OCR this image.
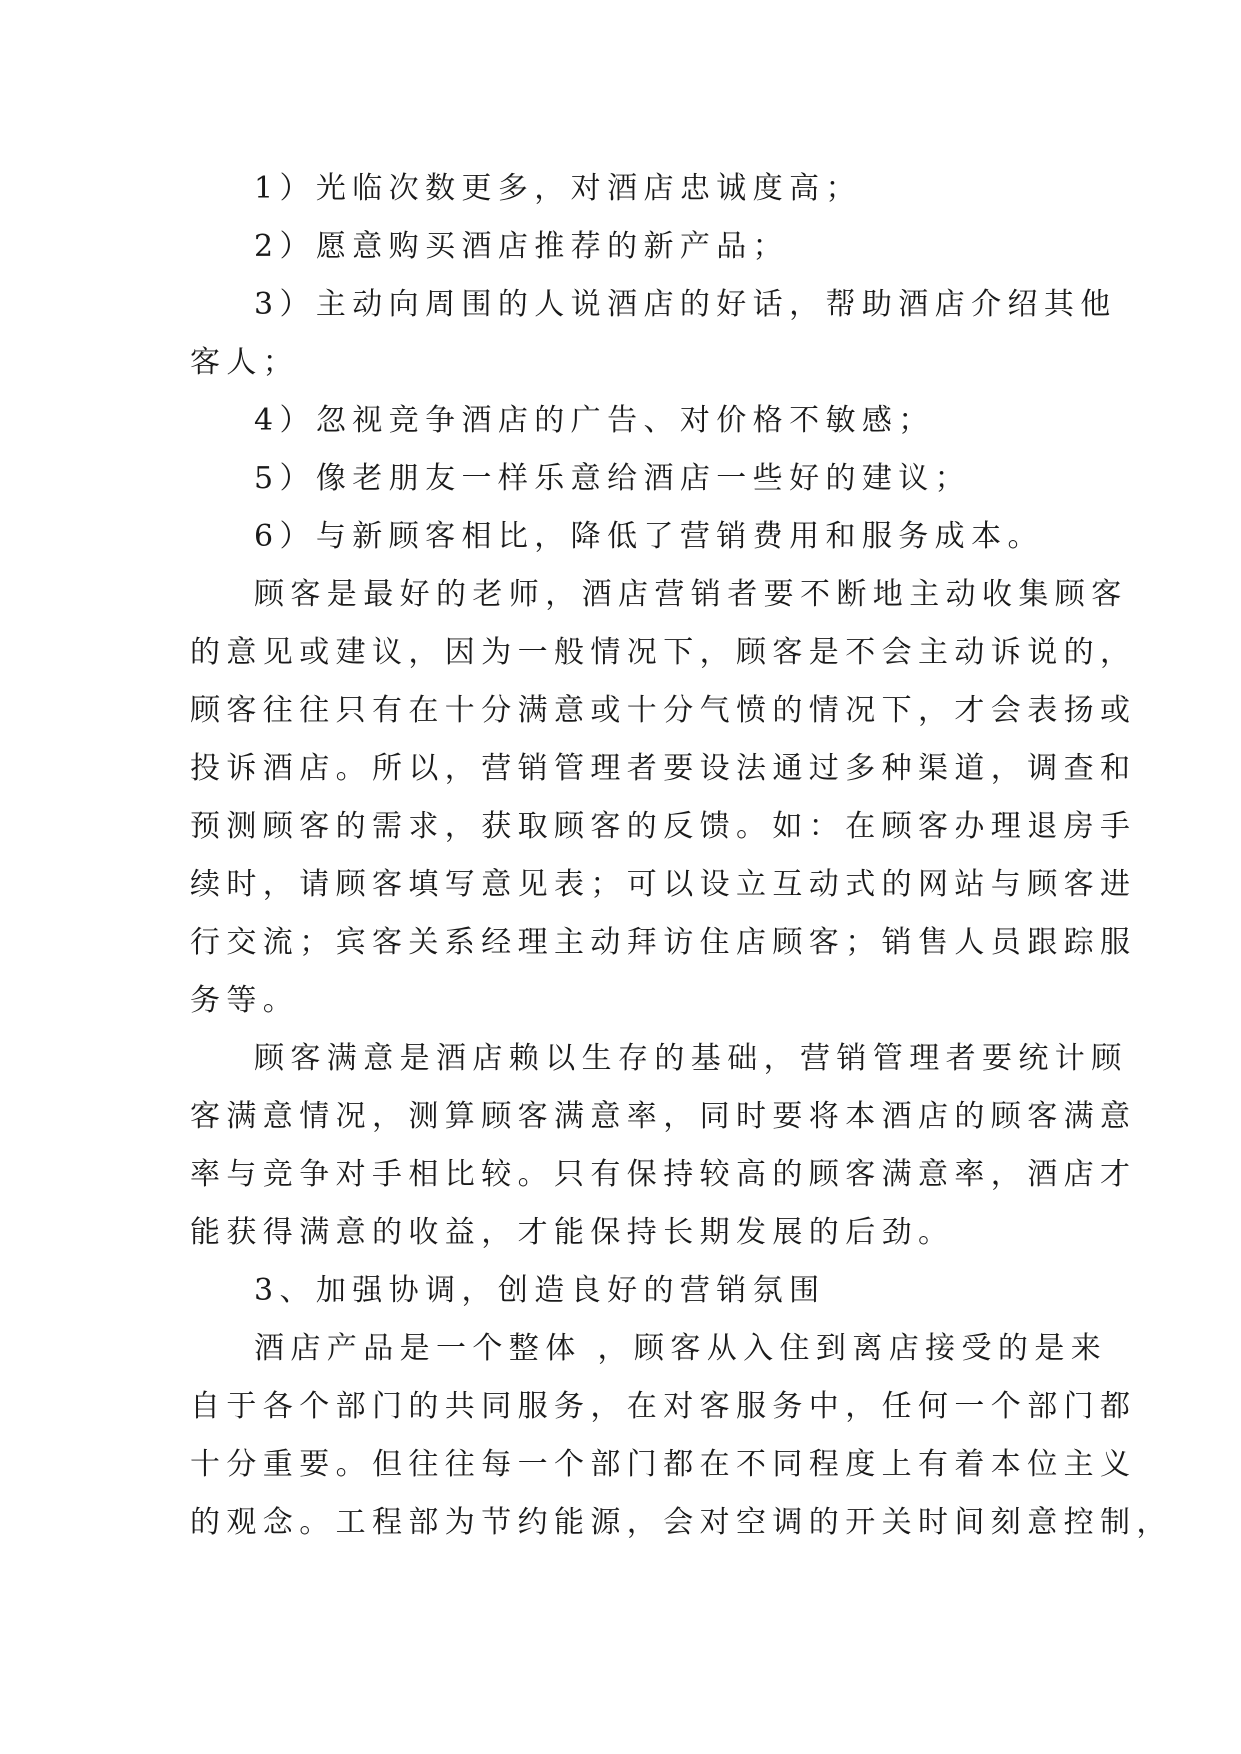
1）光临次数更多，对酒店忠诚度高；
2）愿意购买酒店推荐的新产品；
3）主动向周围的人说酒店的好话，帮助酒店介绍其他
客人；
4）忽视竞争酒店的广告、对价格不敏感；
5）像老朋友一样乐意给酒店一些好的建议；
6）与新顾客相比，降低了营销费用和服务成本。
顾客是最好的老师，酒店营销者要不断地主动收集顾客
的意见或建议，因为一般情况下，顾客是不会主动诉说的，
顾客往往只有在十分满意或十分气愤的情况下，才会表扬或
投诉酒店。所以，营销管理者要设法通过多种渠道，调查和
预测顾客的需求，获取顾客的反馈。如：在顾客办理退房手
续时，请顾客填写意见表；可以设立互动式的网站与顾客进
行交流；宾客关系经理主动拜访住店顾客；销售人员跟踪服
务等。
顾客满意是酒店赖以生存的基础，营销管理者要统计顾
客满意情况，测算顾客满意率，同时要将本酒店的顾客满意
率与竞争对手相比较。只有保持较高的顾客满意率，酒店才
能获得满意的收益，才能保持长期发展的后劲。
3、加强协调，创造良好的营销氛围
酒店产品是一个整体 ，顾客从入住到离店接受的是来
自于各个部门的共同服务，在对客服务中，任何一个部门都
十分重要。但往往每一个部门都在不同程度上有着本位主义
的观念。工程部为节约能源，会对空调的开关时间刻意控制，
